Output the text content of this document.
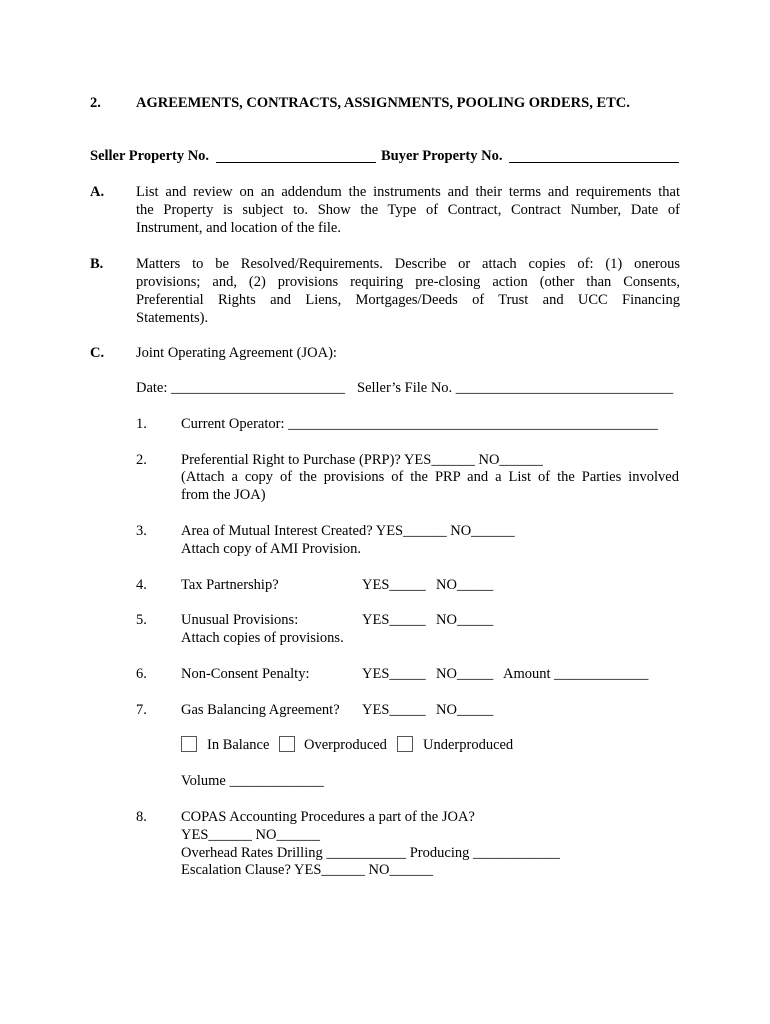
2. AGREEMENTS, CONTRACTS, ASSIGNMENTS, POOLING ORDERS, ETC.
Seller Property No.	Buyer Property No.
A. List and review on an addendum the instruments and their terms and requirements that
the Property is subject to. Show the Type of Contract, Contract Number, Date of
Instrument, and location of the file.
B. Matters to be Resolved/Requirements. Describe or attach copies of: (1) onerous
provisions; and, (2) provisions requiring pre-closing action (other than Consents,
Preferential Rights and Liens, Mortgages/Deeds of Trust and UCC Financing
Statements).
C. Joint Operating Agreement (JOA):
Date: ________________________ Seller’s File No. ______________________________
1. Current Operator: ___________________________________________________
2. Preferential Right to Purchase (PRP)? YES______ NO______
(Attach a copy of the provisions of the PRP and a List of the Parties involved
from the JOA)
3. Area of Mutual Interest Created? YES______ NO______
Attach copy of AMI Provision.
4. Tax Partnership?	YES_____ NO_____
5. Unusual Provisions:	YES_____ NO_____
Attach copies of provisions.
6. Non-Consent Penalty:	YES_____ NO_____ Amount _____________
7. Gas Balancing Agreement? YES_____ NO_____
In Balance Overproduced Underproduced
Volume _____________
8. COPAS Accounting Procedures a part of the JOA?
YES______ NO______
Overhead Rates Drilling ___________ Producing ____________
Escalation Clause? YES______ NO______
